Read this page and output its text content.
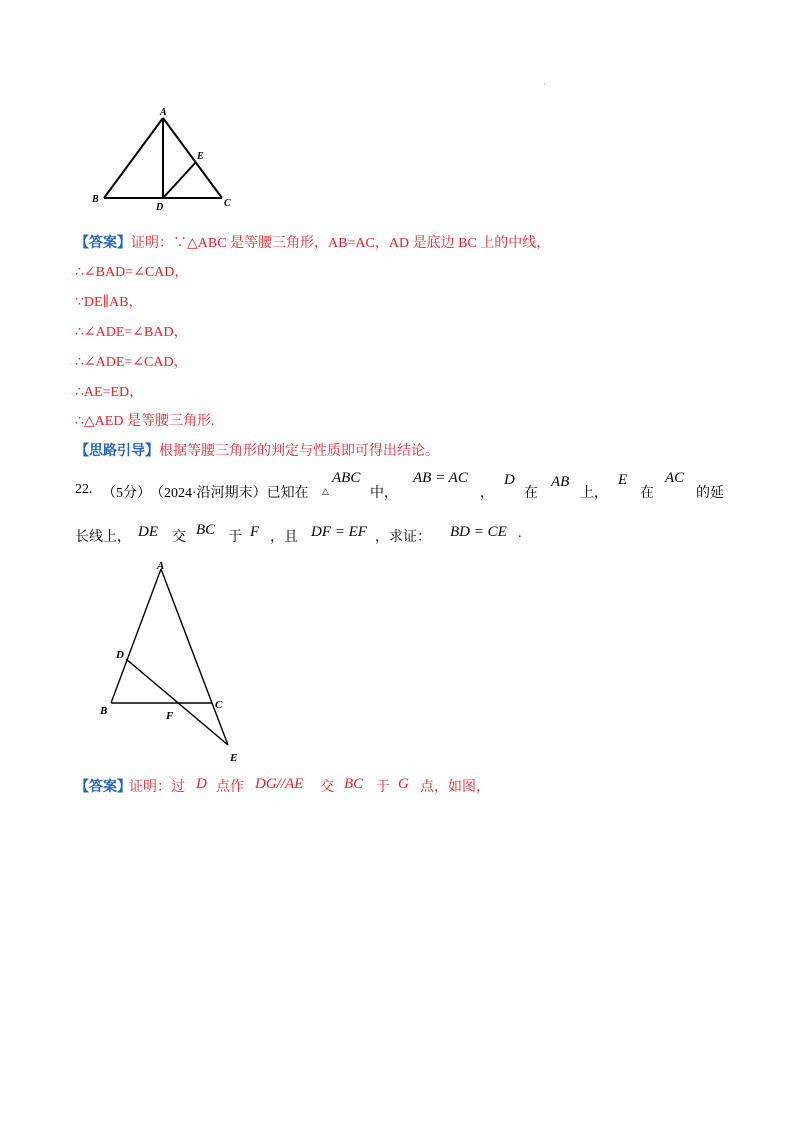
·
A
B	C
D
E
【答案】证明：∵△ABC 是等腰三角形，AB=AC，AD 是底边 BC 上的中线，
∴∠BAD=∠CAD，
∵DE∥AB，
∴∠ADE=∠BAD，
∴∠ADE=∠CAD，
∴AE=ED，
∴△AED 是等腰三角形.
【思路引导】根据等腰三角形的判定与性质即可得出结论。
22. （5分） （2024·沿河期末）已知在 △
ABC
中，
AB = AC
，
D
在
AB
上，
E
在
AC
的延
长线上， DE 交 BC 于 F ，且 DF = EF ，求证： BD = CE .
A
B	C
D
E
F
【答案】
证明：过 D 点作 DG//AE 交 BC 于 G 点，如图，
